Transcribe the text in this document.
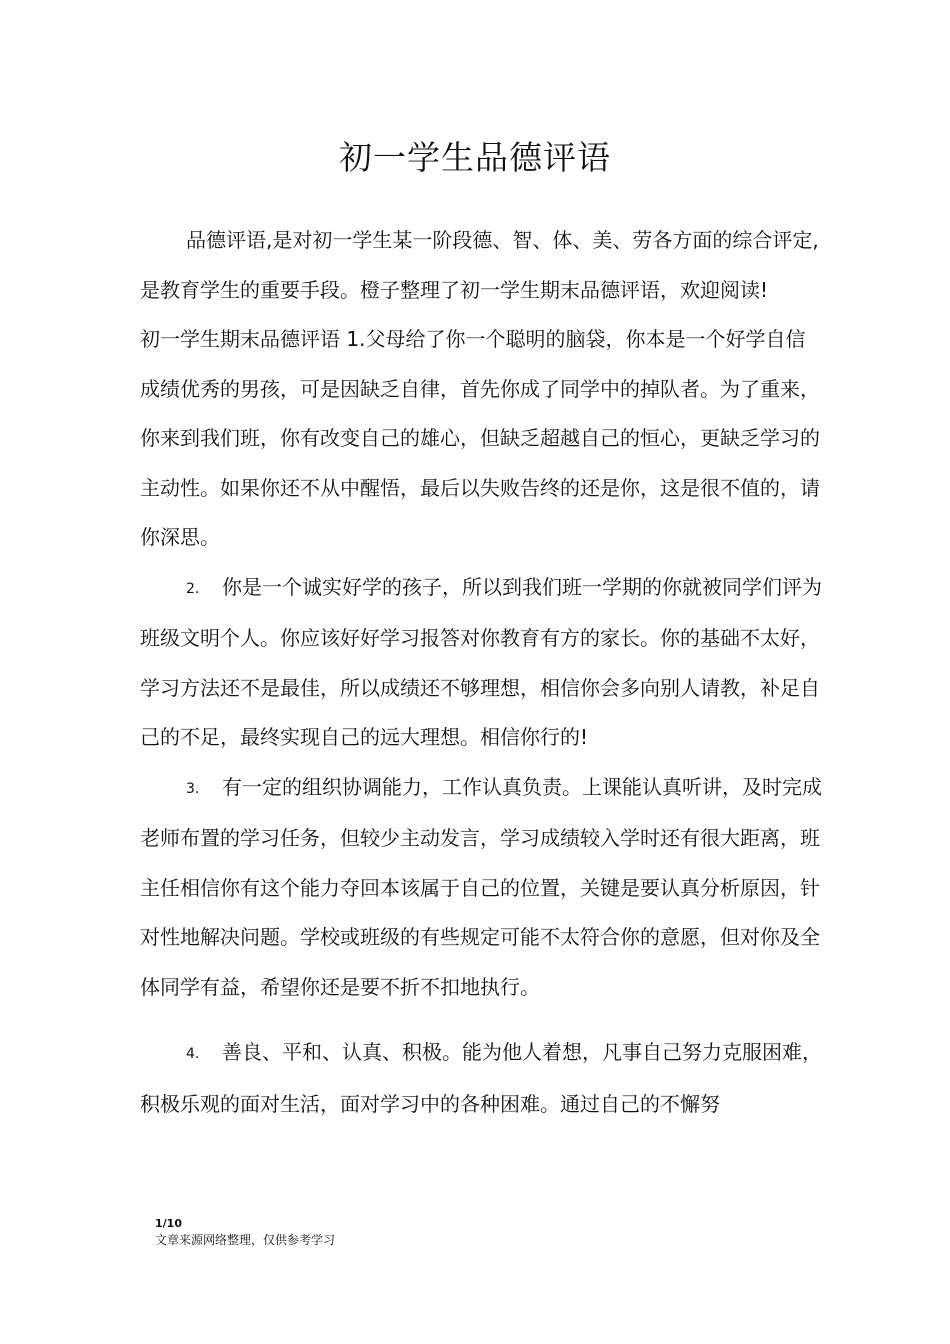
初一学生品德评语

品德评语,是对初一学生某一阶段德、智、体、美、劳各方面的综合评定,是教育学生的重要手段。橙子整理了初一学生期末品德评语，欢迎阅读!

初一学生期末品德评语 1.父母给了你一个聪明的脑袋，你本是一个好学自信成绩优秀的男孩，可是因缺乏自律，首先你成了同学中的掉队者。为了重来，你来到我们班，你有改变自己的雄心，但缺乏超越自己的恒心，更缺乏学习的主动性。如果你还不从中醒悟，最后以失败告终的还是你，这是很不值的，请你深思。

2. 你是一个诚实好学的孩子，所以到我们班一学期的你就被同学们评为班级文明个人。你应该好好学习报答对你教育有方的家长。你的基础不太好，学习方法还不是最佳，所以成绩还不够理想，相信你会多向别人请教，补足自己的不足，最终实现自己的远大理想。相信你行的!

3. 有一定的组织协调能力，工作认真负责。上课能认真听讲，及时完成老师布置的学习任务，但较少主动发言，学习成绩较入学时还有很大距离，班主任相信你有这个能力夺回本该属于自己的位置，关键是要认真分析原因，针对性地解决问题。学校或班级的有些规定可能不太符合你的意愿，但对你及全体同学有益，希望你还是要不折不扣地执行。

4. 善良、平和、认真、积极。能为他人着想，凡事自己努力克服困难，积极乐观的面对生活，面对学习中的各种困难。通过自己的不懈努

1/10
文章来源网络整理，仅供参考学习
